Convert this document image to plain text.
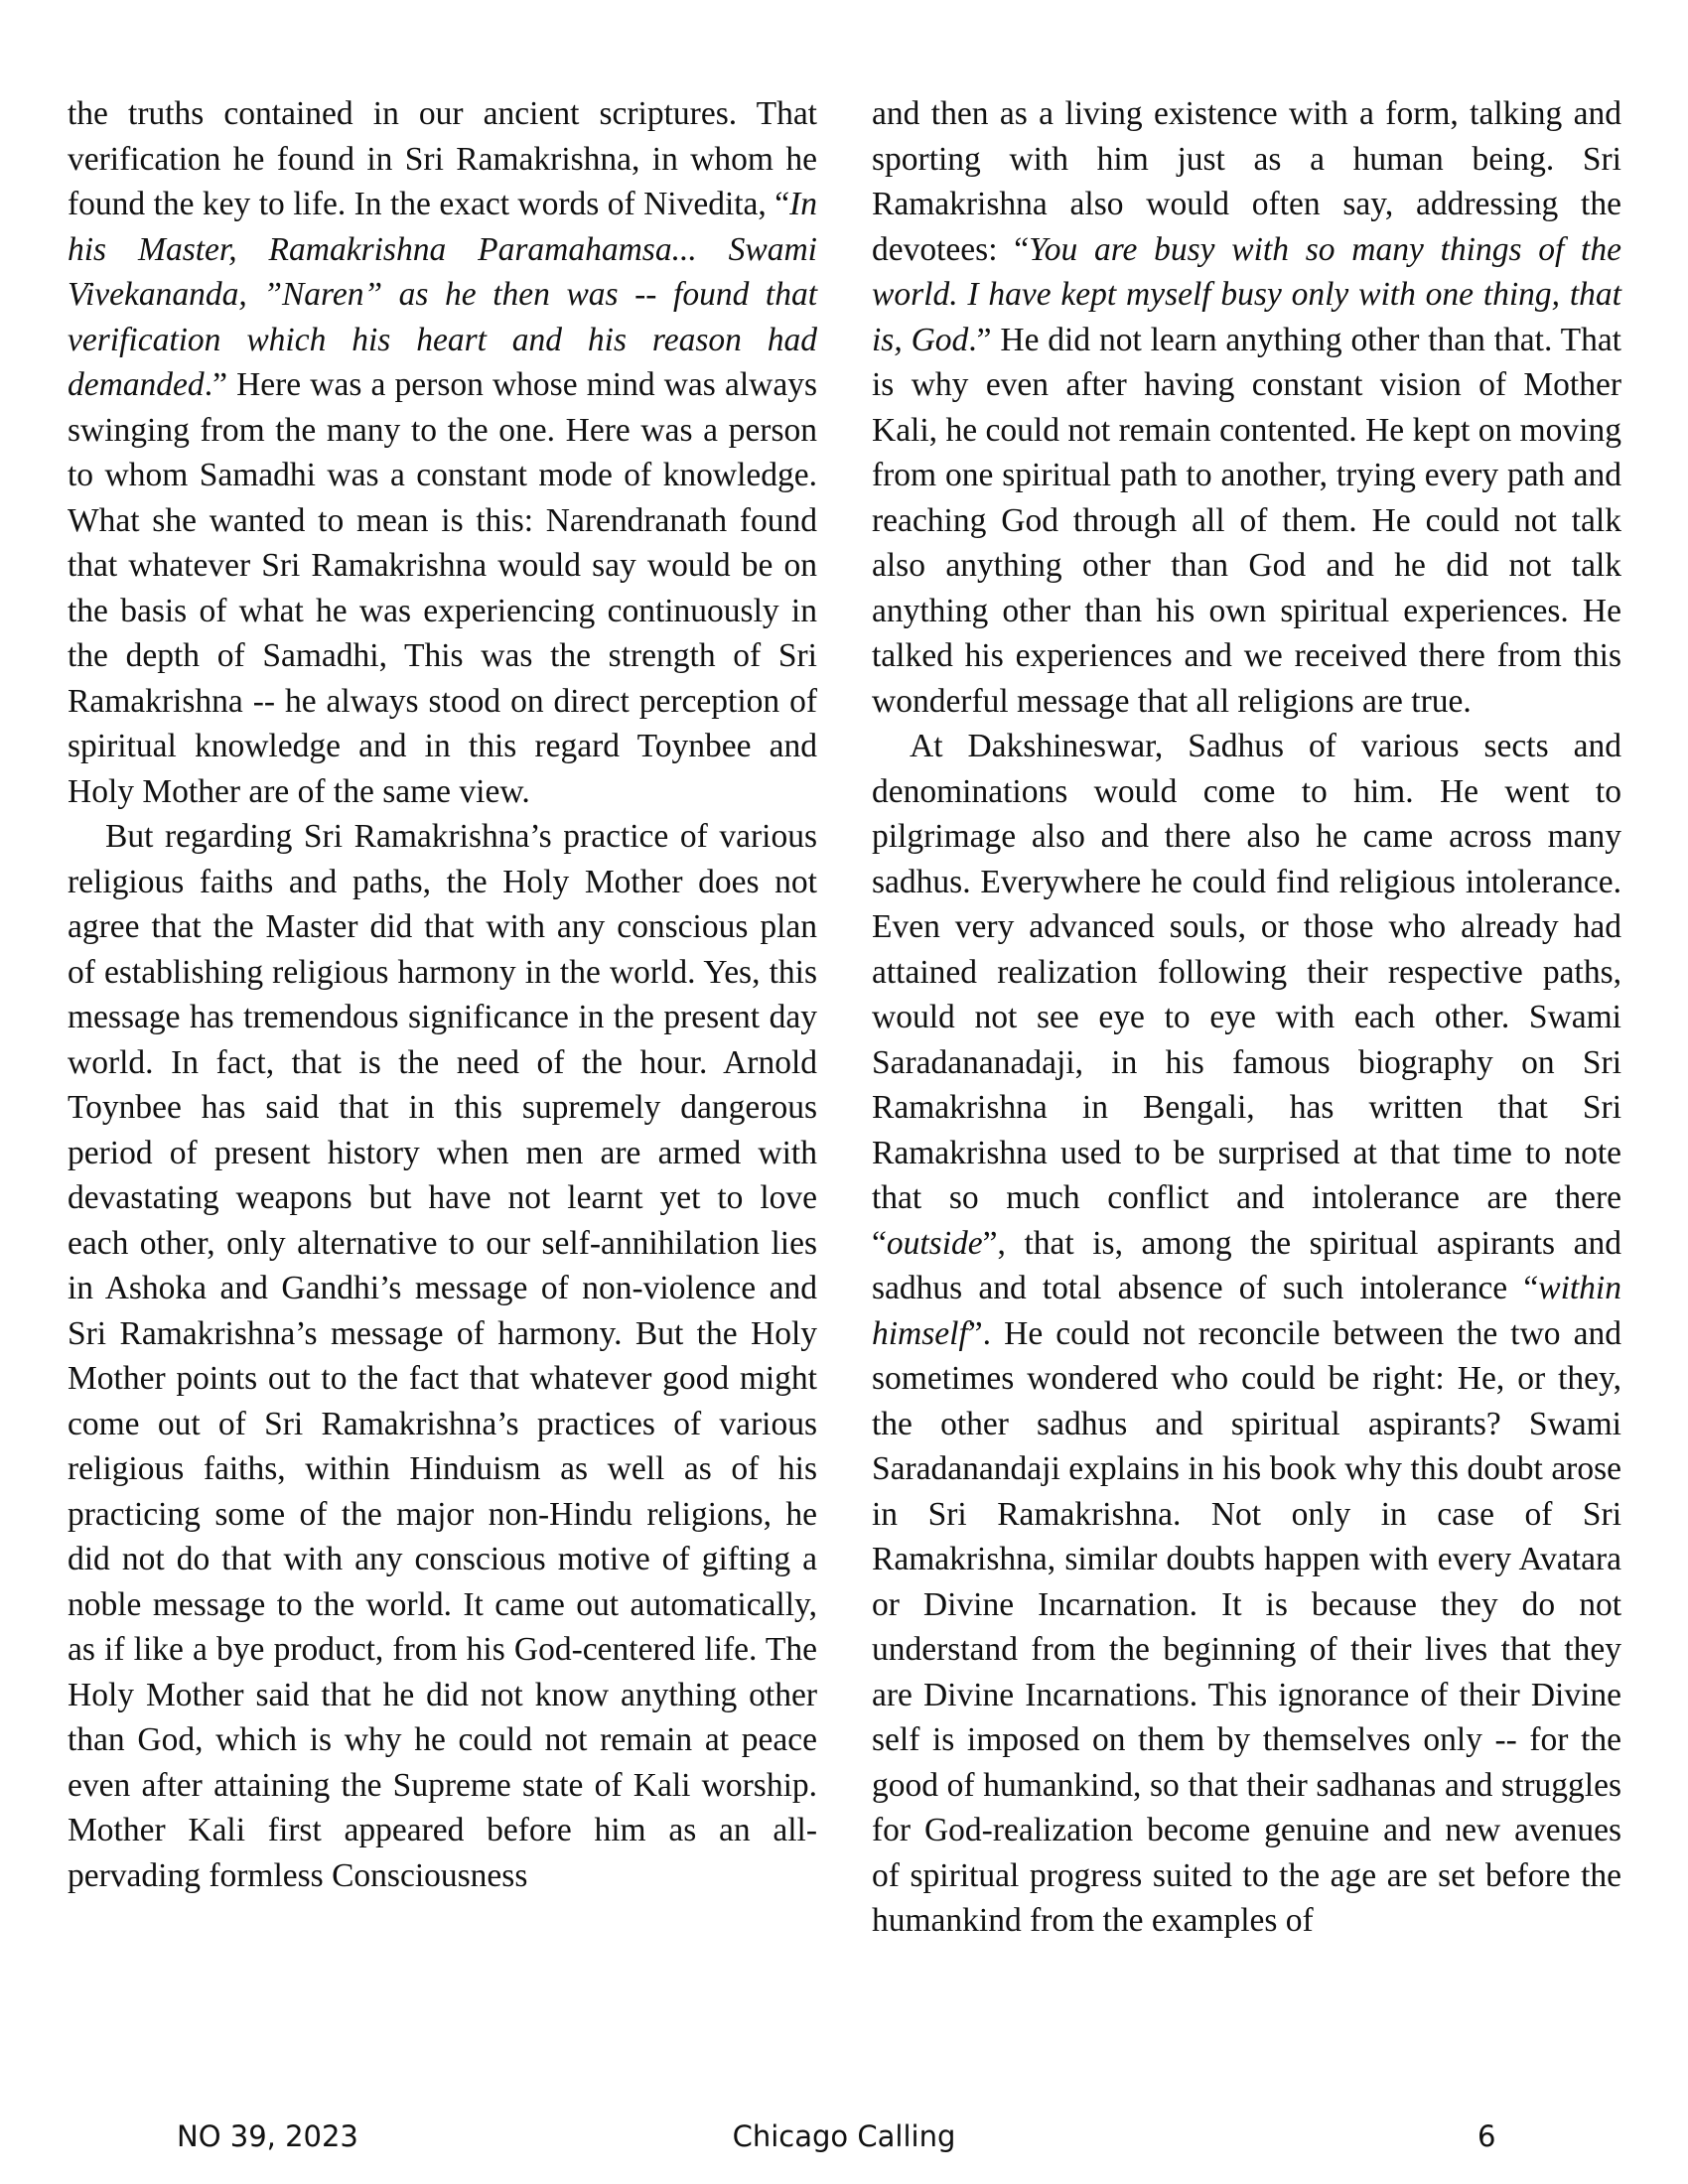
the truths contained in our ancient scriptures. That verification he found in Sri Ramakrishna, in whom he found the key to life. In the exact words of Nivedita, “In his Master, Ramakrishna Paramahamsa... Swami Vivekananda, ”Naren” as he then was -- found that verification which his heart and his reason had demanded.” Here was a person whose mind was always swinging from the many to the one. Here was a person to whom Samadhi was a constant mode of knowledge. What she wanted to mean is this: Narendranath found that whatever Sri Ramakrishna would say would be on the basis of what he was experiencing continuously in the depth of Samadhi, This was the strength of Sri Ramakrishna -- he always stood on direct perception of spiritual knowledge and in this regard Toynbee and Holy Mother are of the same view.

But regarding Sri Ramakrishna’s practice of various religious faiths and paths, the Holy Mother does not agree that the Master did that with any conscious plan of establishing religious harmony in the world. Yes, this message has tremendous significance in the present day world. In fact, that is the need of the hour. Arnold Toynbee has said that in this supremely dangerous period of present history when men are armed with devastating weapons but have not learnt yet to love each other, only alternative to our self-annihilation lies in Ashoka and Gandhi’s message of non-violence and Sri Ramakrishna’s message of harmony. But the Holy Mother points out to the fact that whatever good might come out of Sri Ramakrishna’s practices of various religious faiths, within Hinduism as well as of his practicing some of the major non-Hindu religions, he did not do that with any conscious motive of gifting a noble message to the world. It came out automatically, as if like a bye product, from his God-centered life. The Holy Mother said that he did not know anything other than God, which is why he could not remain at peace even after attaining the Supreme state of Kali worship. Mother Kali first appeared before him as an all-pervading formless Consciousness

and then as a living existence with a form, talking and sporting with him just as a human being. Sri Ramakrishna also would often say, addressing the devotees: “You are busy with so many things of the world. I have kept myself busy only with one thing, that is, God.” He did not learn anything other than that. That is why even after having constant vision of Mother Kali, he could not remain contented. He kept on moving from one spiritual path to another, trying every path and reaching God through all of them. He could not talk also anything other than God and he did not talk anything other than his own spiritual experiences. He talked his experiences and we received there from this wonderful message that all religions are true.

At Dakshineswar, Sadhus of various sects and denominations would come to him. He went to pilgrimage also and there also he came across many sadhus. Everywhere he could find religious intolerance. Even very advanced souls, or those who already had attained realization following their respective paths, would not see eye to eye with each other. Swami Saradananadaji, in his famous biography on Sri Ramakrishna in Bengali, has written that Sri Ramakrishna used to be surprised at that time to note that so much conflict and intolerance are there “outside”, that is, among the spiritual aspirants and sadhus and total absence of such intolerance “within himself”. He could not reconcile between the two and sometimes wondered who could be right: He, or they, the other sadhus and spiritual aspirants? Swami Saradanandaji explains in his book why this doubt arose in Sri Ramakrishna. Not only in case of Sri Ramakrishna, similar doubts happen with every Avatara or Divine Incarnation. It is because they do not understand from the beginning of their lives that they are Divine Incarnations. This ignorance of their Divine self is imposed on them by themselves only -- for the good of humankind, so that their sadhanas and struggles for God-realization become genuine and new avenues of spiritual progress suited to the age are set before the humankind from the examples of

NO 39, 2023	Chicago Calling	6
